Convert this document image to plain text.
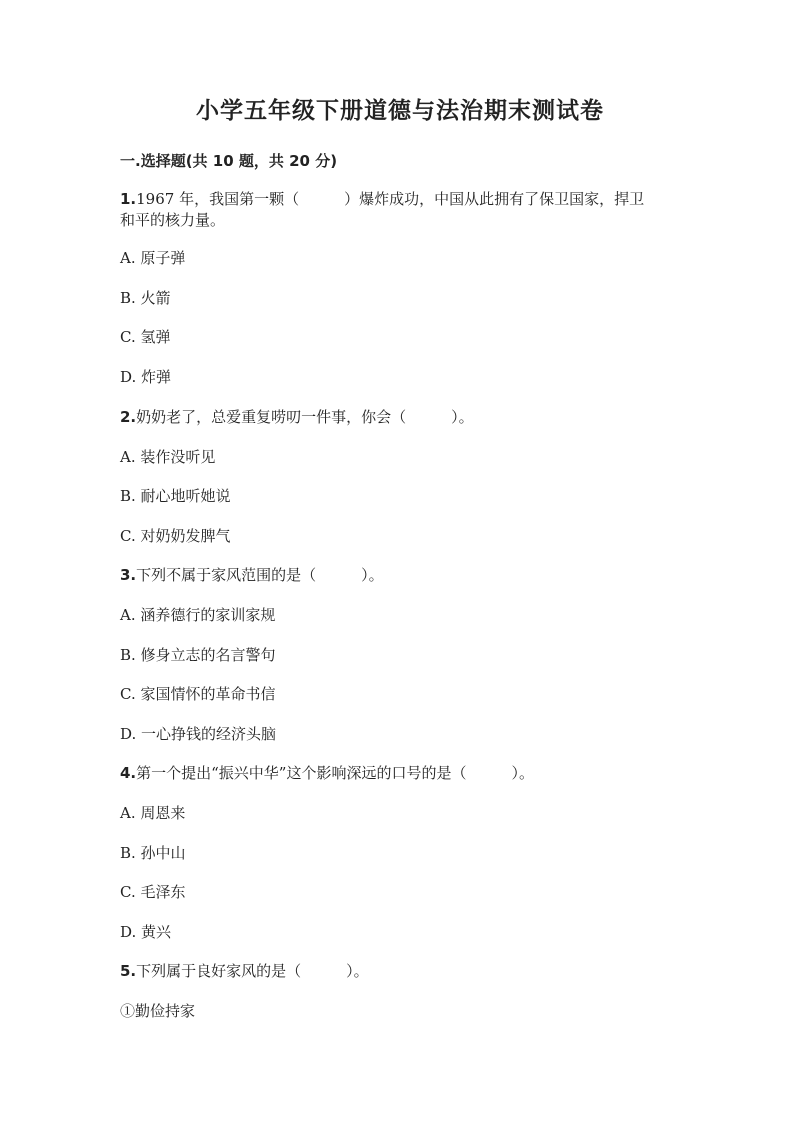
小学五年级下册道德与法治期末测试卷
一.选择题(共 10 题，共 20 分)
1.1967 年，我国第一颗（　　　）爆炸成功，中国从此拥有了保卫国家，捍卫
和平的核力量。
A. 原子弹
B. 火箭
C. 氢弹
D. 炸弹
2.奶奶老了，总爱重复唠叨一件事，你会（　　　）。
A. 装作没听见
B. 耐心地听她说
C. 对奶奶发脾气
3.下列不属于家风范围的是（　　　）。
A. 涵养德行的家训家规
B. 修身立志的名言警句
C. 家国情怀的革命书信
D. 一心挣钱的经济头脑
4.第一个提出“振兴中华”这个影响深远的口号的是（　　　）。
A. 周恩来
B. 孙中山
C. 毛泽东
D. 黄兴
5.下列属于良好家风的是（　　　）。
①勤俭持家
